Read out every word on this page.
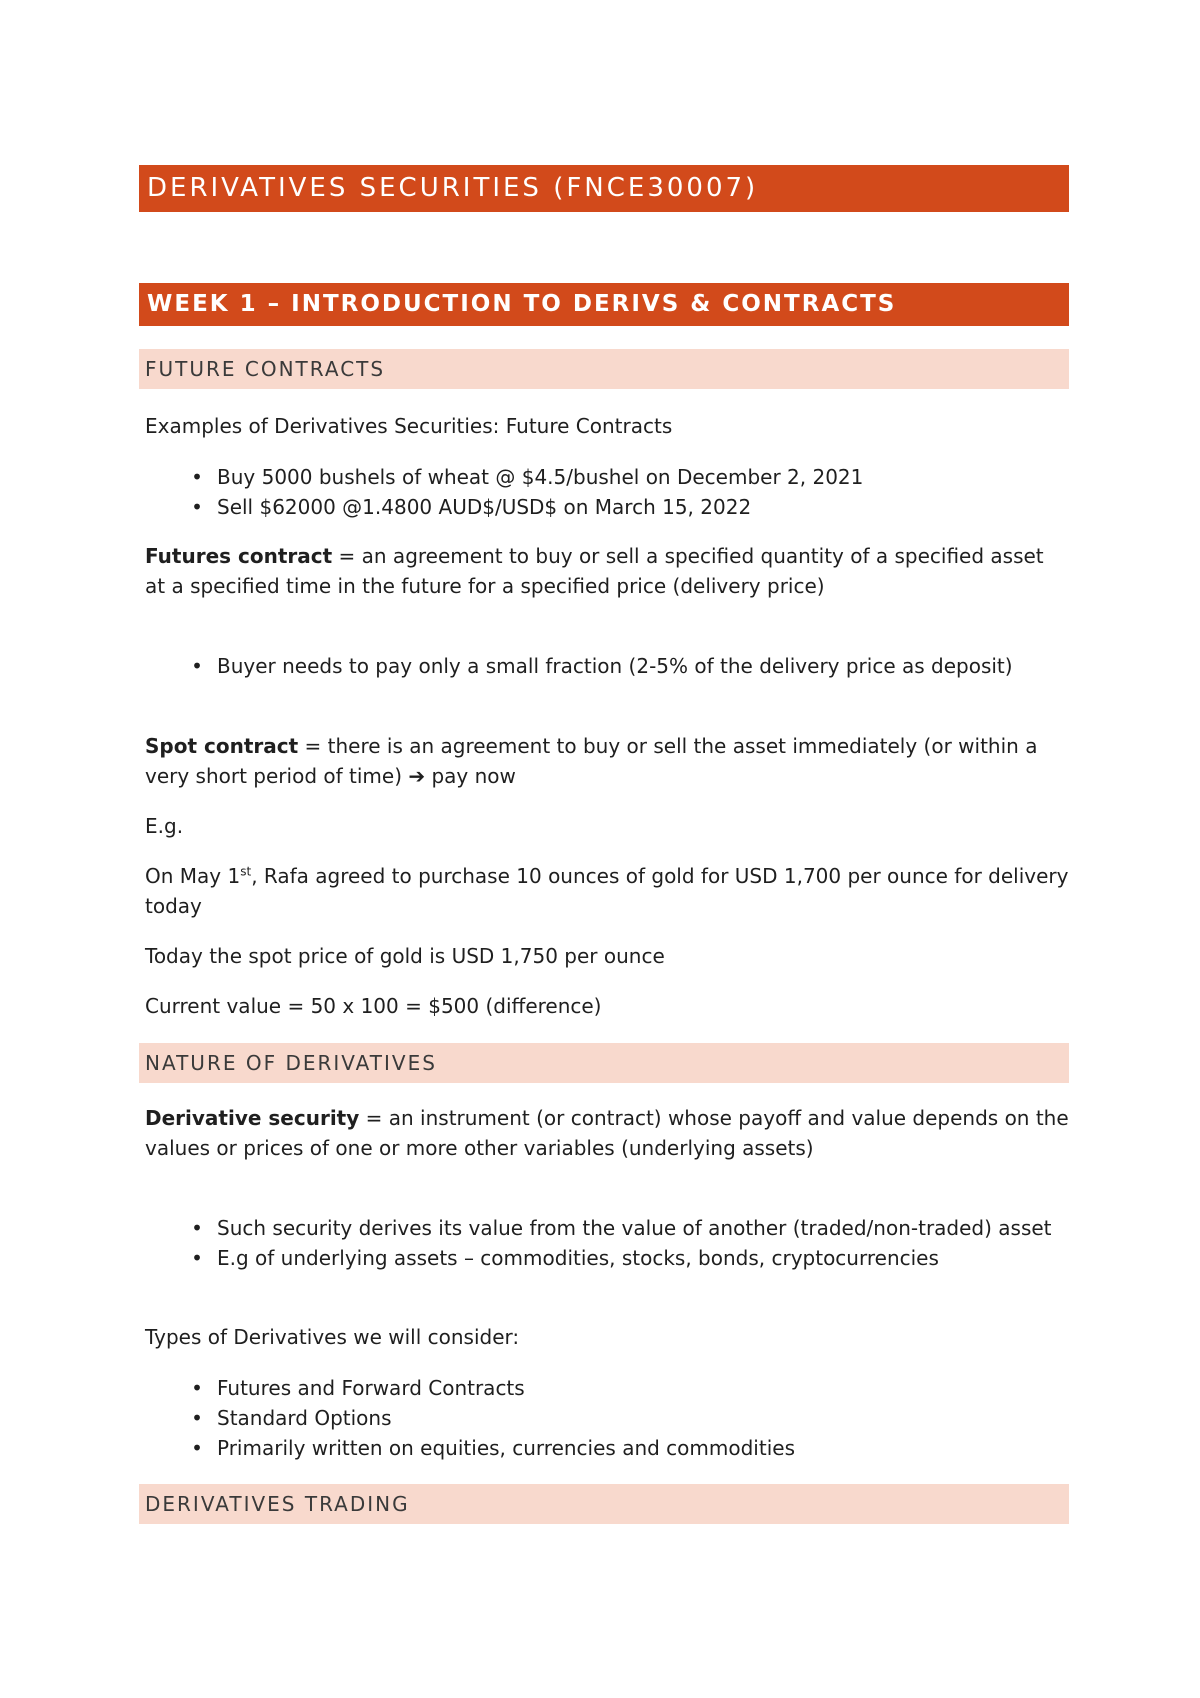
DERIVATIVES SECURITIES (FNCE30007)
WEEK 1 – INTRODUCTION TO DERIVS & CONTRACTS
FUTURE CONTRACTS
Examples of Derivatives Securities: Future Contracts
• Buy 5000 bushels of wheat @ $4.5/bushel on December 2, 2021
• Sell $62000 @1.4800 AUD$/USD$ on March 15, 2022
Futures contract = an agreement to buy or sell a specified quantity of a specified asset at a specified time in the future for a specified price (delivery price)
• Buyer needs to pay only a small fraction (2-5% of the delivery price as deposit)
Spot contract = there is an agreement to buy or sell the asset immediately (or within a very short period of time) ➔ pay now
E.g.
On May 1st, Rafa agreed to purchase 10 ounces of gold for USD 1,700 per ounce for delivery today
Today the spot price of gold is USD 1,750 per ounce
Current value = 50 x 100 = $500 (difference)
NATURE OF DERIVATIVES
Derivative security = an instrument (or contract) whose payoff and value depends on the values or prices of one or more other variables (underlying assets)
• Such security derives its value from the value of another (traded/non-traded) asset
• E.g of underlying assets – commodities, stocks, bonds, cryptocurrencies
Types of Derivatives we will consider:
• Futures and Forward Contracts
• Standard Options
• Primarily written on equities, currencies and commodities
DERIVATIVES TRADING
